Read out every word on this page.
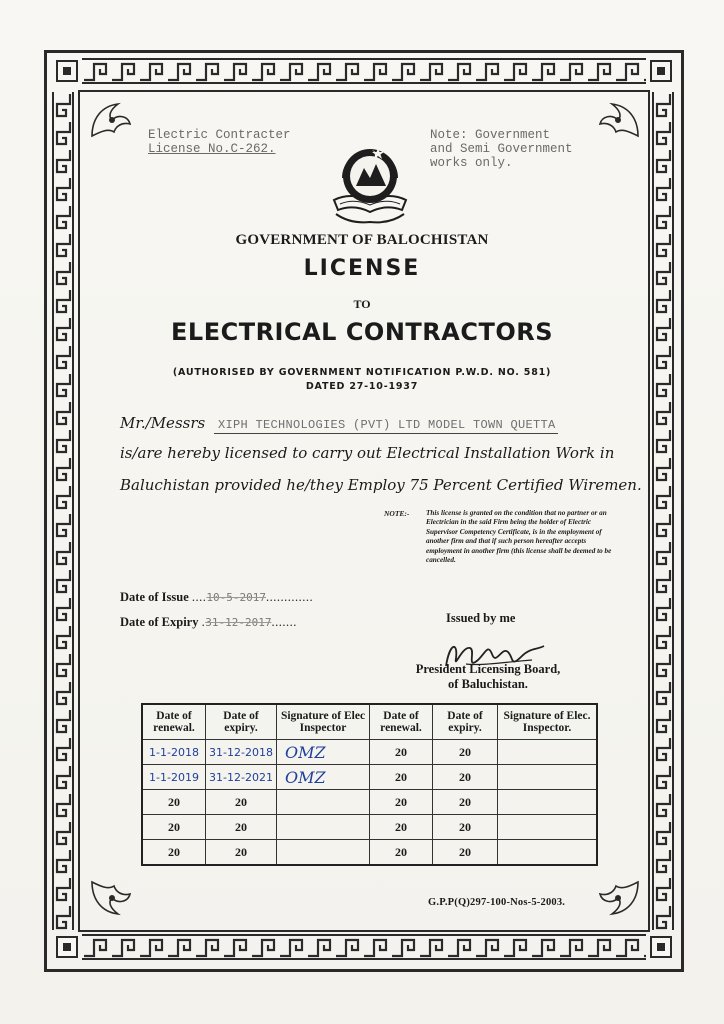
Electric Contracter
License No.C-262.
Note: Government
and Semi Government
works only.
GOVERNMENT OF BALOCHISTAN
LICENSE
TO
ELECTRICAL CONTRACTORS
(AUTHORISED BY GOVERNMENT NOTIFICATION P.W.D. NO. 581)
DATED 27-10-1937
Mr./Messrs XIPH TECHNOLOGIES (PVT) LTD MODEL TOWN QUETTA
is/are hereby licensed to carry out Electrical Installation Work in
Baluchistan provided he/they Employ 75 Percent Certified Wiremen.
NOTE:- This license is granted on the condition that no partner or an Electrician in the said Firm being the holder of Electric Supervisor Competency Certificate, is in the employment of another firm and that if such person hereafter accepts employment in another firm (this license shall be deemed to be cancelled.
Date of Issue ....10-5-2017.............
Date of Expiry .31-12-2017.......	Issued by me
President Licensing Board,
of Baluchistan.
Date of renewal.	Date of expiry.	Signature of Elec Inspector	Date of renewal.	Date of expiry.	Signature of Elec. Inspector.
1-1-2018	31-12-2018	OMZ	20	20	
1-1-2019	31-12-2021	OMZ	20	20	
20	20		20	20	
20	20		20	20	
20	20		20	20	
G.P.P(Q)297-100-Nos-5-2003.
